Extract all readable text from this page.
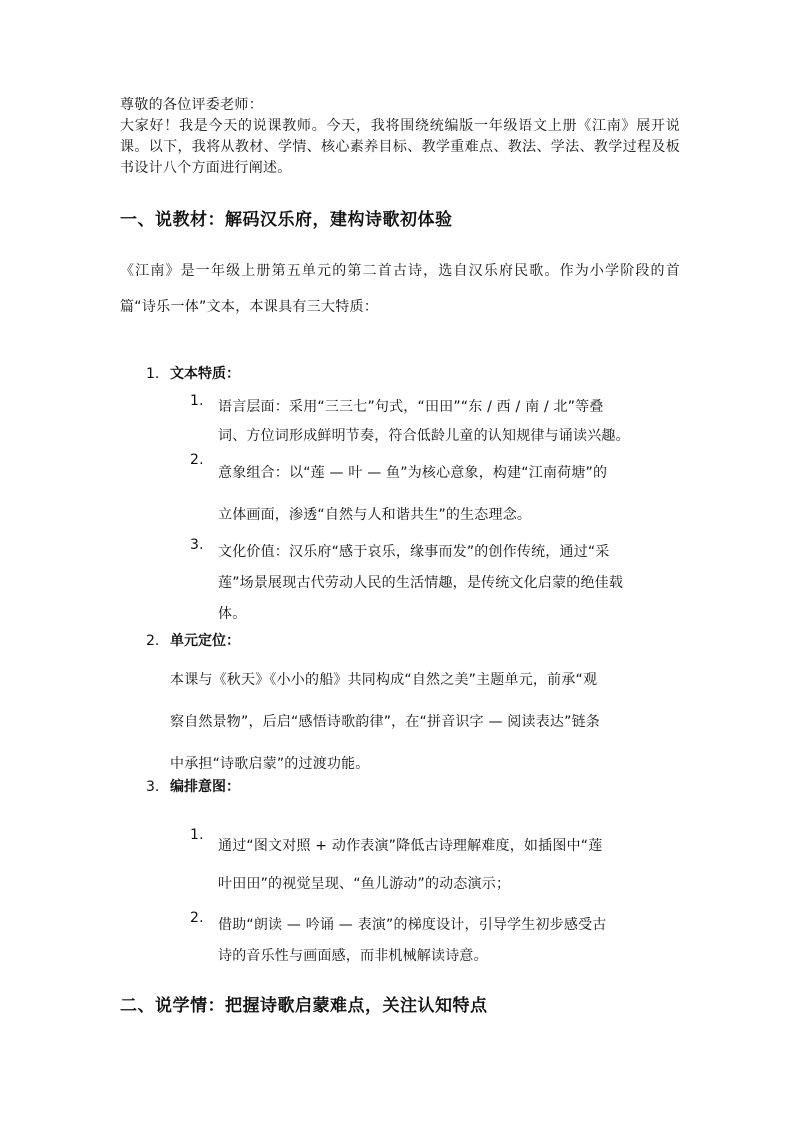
尊敬的各位评委老师：

大家好！我是今天的说课教师。今天，我将围绕统编版一年级语文上册《江南》展开说课。以下，我将从教材、学情、核心素养目标、教学重难点、教法、学法、教学过程及板书设计八个方面进行阐述。

一、说教材：解码汉乐府，建构诗歌初体验

《江南》是一年级上册第五单元的第二首古诗，选自汉乐府民歌。作为小学阶段的首篇“诗乐一体”文本，本课具有三大特质：

1. 文本特质：
1. 语言层面：采用“三三七”句式，“田田”“东 / 西 / 南 / 北”等叠

词、方位词形成鲜明节奏，符合低龄儿童的认知规律与诵读兴趣。

2.

意象组合：以“莲 — 叶 — 鱼”为核心意象，构建“江南荷塘”的

立体画面，渗透“自然与人和谐共生”的生态理念。

3. 文化价值：汉乐府“感于哀乐，缘事而发”的创作传统，通过“采

莲”场景展现古代劳动人民的生活情趣，是传统文化启蒙的绝佳载

体。

2. 单元定位：

本课与《秋天》《小小的船》共同构成“自然之美”主题单元，前承“观

察自然景物”，后启“感悟诗歌韵律”，在“拼音识字 — 阅读表达”链条

中承担“诗歌启蒙”的过渡功能。

3. 编排意图：
1.

通过“图文对照 + 动作表演”降低古诗理解难度，如插图中“莲

叶田田”的视觉呈现、“鱼儿游动”的动态演示；

2. 借助“朗读 — 吟诵 — 表演”的梯度设计，引导学生初步感受古

诗的音乐性与画面感，而非机械解读诗意。

二、说学情：把握诗歌启蒙难点，关注认知特点
